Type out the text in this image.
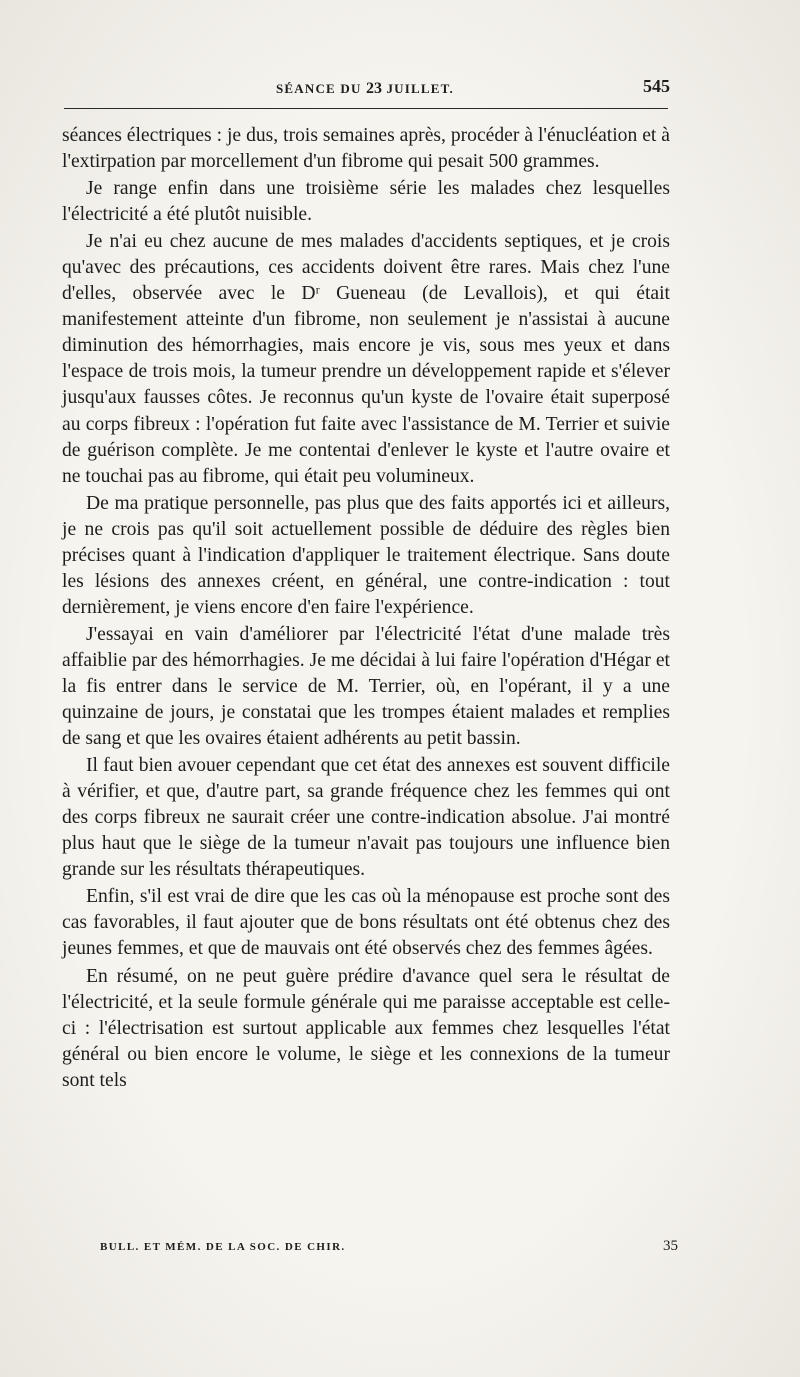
SÉANCE DU 23 JUILLET.	545

séances électriques : je dus, trois semaines après, procéder à l'énucléation et à l'extirpation par morcellement d'un fibrome qui pesait 500 grammes.

Je range enfin dans une troisième série les malades chez lesquelles l'électricité a été plutôt nuisible.

Je n'ai eu chez aucune de mes malades d'accidents septiques, et je crois qu'avec des précautions, ces accidents doivent être rares. Mais chez l'une d'elles, observée avec le Dʳ Gueneau (de Levallois), et qui était manifestement atteinte d'un fibrome, non seulement je n'assistai à aucune diminution des hémorrhagies, mais encore je vis, sous mes yeux et dans l'espace de trois mois, la tumeur prendre un développement rapide et s'élever jusqu'aux fausses côtes. Je reconnus qu'un kyste de l'ovaire était superposé au corps fibreux : l'opération fut faite avec l'assistance de M. Terrier et suivie de guérison complète. Je me contentai d'enlever le kyste et l'autre ovaire et ne touchai pas au fibrome, qui était peu volumineux.

De ma pratique personnelle, pas plus que des faits apportés ici et ailleurs, je ne crois pas qu'il soit actuellement possible de déduire des règles bien précises quant à l'indication d'appliquer le traitement électrique. Sans doute les lésions des annexes créent, en général, une contre-indication : tout dernièrement, je viens encore d'en faire l'expérience.

J'essayai en vain d'améliorer par l'électricité l'état d'une malade très affaiblie par des hémorrhagies. Je me décidai à lui faire l'opération d'Hégar et la fis entrer dans le service de M. Terrier, où, en l'opérant, il y a une quinzaine de jours, je constatai que les trompes étaient malades et remplies de sang et que les ovaires étaient adhérents au petit bassin.

Il faut bien avouer cependant que cet état des annexes est souvent difficile à vérifier, et que, d'autre part, sa grande fréquence chez les femmes qui ont des corps fibreux ne saurait créer une contre-indication absolue. J'ai montré plus haut que le siège de la tumeur n'avait pas toujours une influence bien grande sur les résultats thérapeutiques.

Enfin, s'il est vrai de dire que les cas où la ménopause est proche sont des cas favorables, il faut ajouter que de bons résultats ont été obtenus chez des jeunes femmes, et que de mauvais ont été observés chez des femmes âgées.

En résumé, on ne peut guère prédire d'avance quel sera le résultat de l'électricité, et la seule formule générale qui me paraisse acceptable est celle-ci : l'électrisation est surtout applicable aux femmes chez lesquelles l'état général ou bien encore le volume, le siège et les connexions de la tumeur sont tels

BULL. ET MÉM. DE LA SOC. DE CHIR.	35
